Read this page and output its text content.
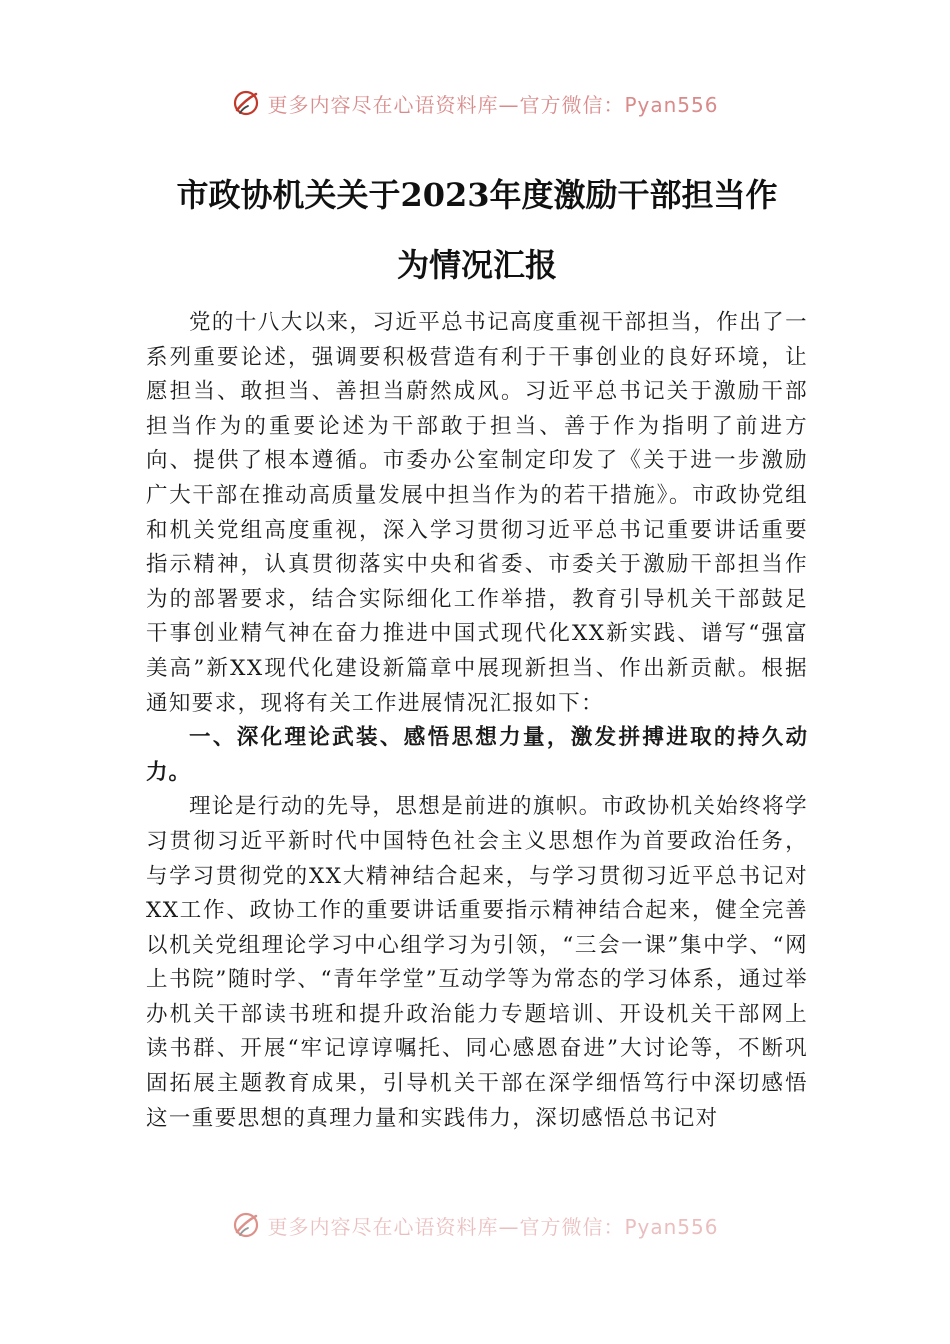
更多内容尽在心语资料库—官方微信：Pyan556
市政协机关关于2023年度激励干部担当作
为情况汇报

党的十八大以来，习近平总书记高度重视干部担当，作出了一系列重要论述，强调要积极营造有利于干事创业的良好环境，让愿担当、敢担当、善担当蔚然成风。习近平总书记关于激励干部担当作为的重要论述为干部敢于担当、善于作为指明了前进方向、提供了根本遵循。市委办公室制定印发了《关于进一步激励广大干部在推动高质量发展中担当作为的若干措施》。市政协党组和机关党组高度重视，深入学习贯彻习近平总书记重要讲话重要指示精神，认真贯彻落实中央和省委、市委关于激励干部担当作为的部署要求，结合实际细化工作举措，教育引导机关干部鼓足干事创业精气神在奋力推进中国式现代化XX新实践、谱写“强富美高”新XX现代化建设新篇章中展现新担当、作出新贡献。根据通知要求，现将有关工作进展情况汇报如下：

一、深化理论武装、感悟思想力量，激发拼搏进取的持久动力。

理论是行动的先导，思想是前进的旗帜。市政协机关始终将学习贯彻习近平新时代中国特色社会主义思想作为首要政治任务，与学习贯彻党的XX大精神结合起来，与学习贯彻习近平总书记对XX工作、政协工作的重要讲话重要指示精神结合起来，健全完善以机关党组理论学习中心组学习为引领，“三会一课”集中学、“网上书院”随时学、“青年学堂”互动学等为常态的学习体系，通过举办机关干部读书班和提升政治能力专题培训、开设机关干部网上读书群、开展“牢记谆谆嘱托、同心感恩奋进”大讨论等，不断巩固拓展主题教育成果，引导机关干部在深学细悟笃行中深切感悟这一重要思想的真理力量和实践伟力，深切感悟总书记对

更多内容尽在心语资料库—官方微信：Pyan556
